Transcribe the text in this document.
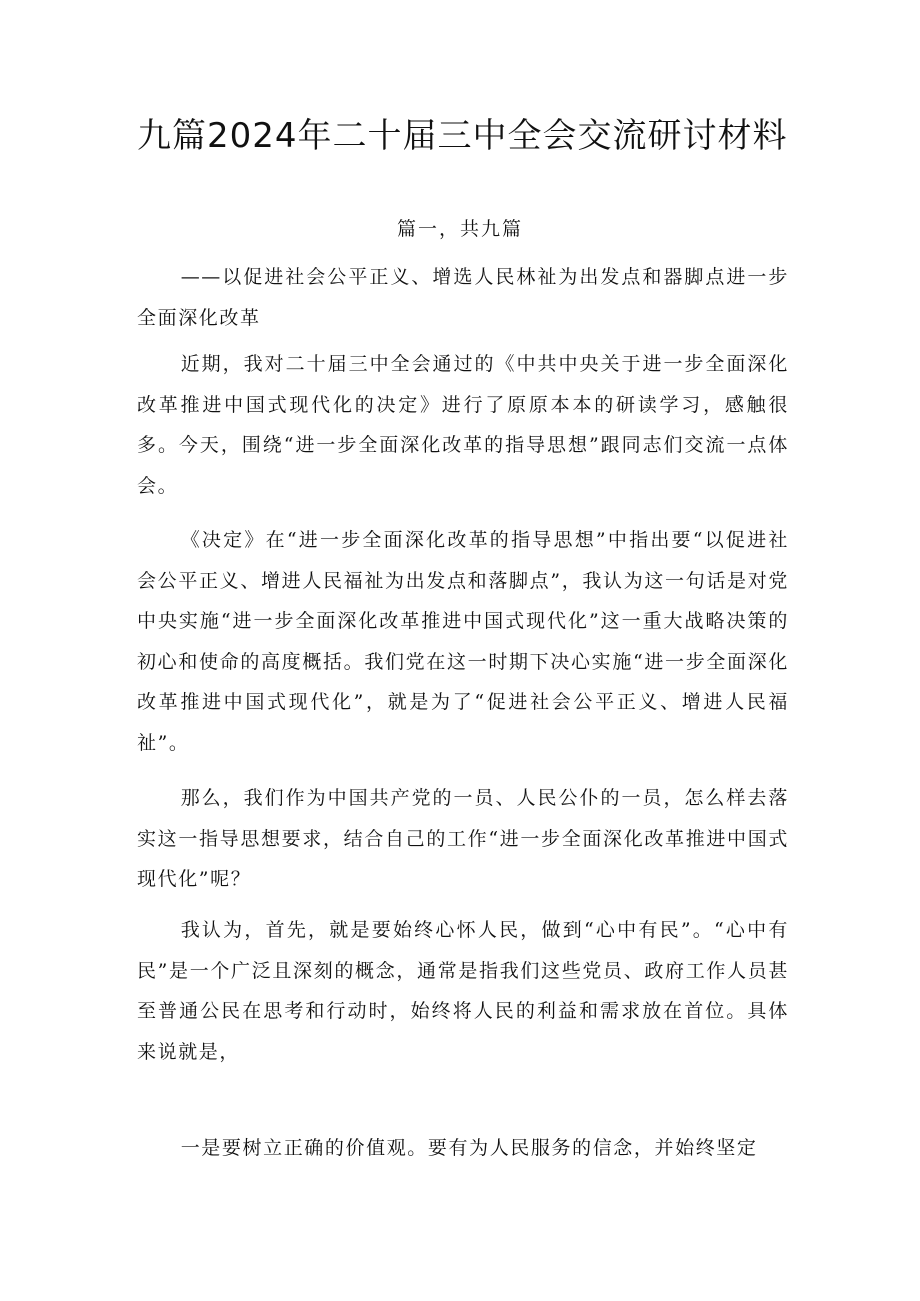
九篇2024年二十届三中全会交流研讨材料
篇一，共九篇
——以促进社会公平正义、增选人民林祉为出发点和器脚点进一步全面深化改革
近期，我对二十届三中全会通过的《中共中央关于进一步全面深化改革推进中国式现代化的决定》进行了原原本本的研读学习，感触很多。今天，围绕“进一步全面深化改革的指导思想”跟同志们交流一点体会。
《决定》在“进一步全面深化改革的指导思想”中指出要“以促进社会公平正义、增进人民福祉为出发点和落脚点”，我认为这一句话是对党中央实施“进一步全面深化改革推进中国式现代化”这一重大战略决策的初心和使命的高度概括。我们党在这一时期下决心实施“进一步全面深化改革推进中国式现代化”，就是为了“促进社会公平正义、增进人民福祉”。
那么，我们作为中国共产党的一员、人民公仆的一员，怎么样去落实这一指导思想要求，结合自己的工作“进一步全面深化改革推进中国式现代化”呢？
我认为，首先，就是要始终心怀人民，做到“心中有民”。“心中有民”是一个广泛且深刻的概念，通常是指我们这些党员、政府工作人员甚至普通公民在思考和行动时，始终将人民的利益和需求放在首位。具体来说就是，
一是要树立正确的价值观。要有为人民服务的信念，并始终坚定
